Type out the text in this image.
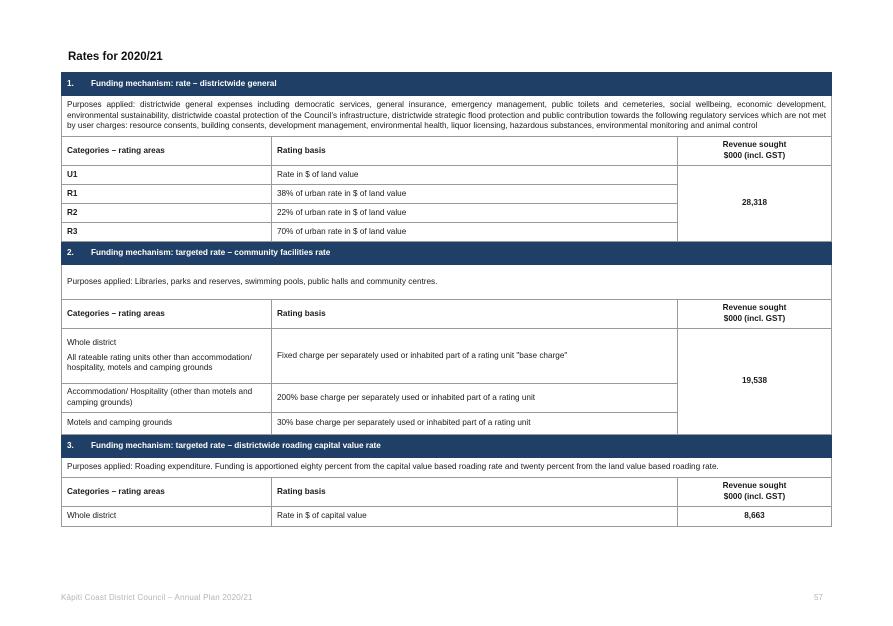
Rates for 2020/21
1. Funding mechanism: rate – districtwide general		
Purposes applied: districtwide general expenses including democratic services, general insurance, emergency management, public toilets and cemeteries, social wellbeing, economic development, environmental sustainability, districtwide coastal protection of the Council’s infrastructure, districtwide strategic flood protection and public contribution towards the following regulatory services which are not met by user charges: resource consents, building consents, development management, environmental health, liquor licensing, hazardous substances, environmental monitoring and animal control		
Categories – rating areas	Rating basis	Revenue sought
$000 (incl. GST)
U1	Rate in $ of land value	28,318
R1	38% of urban rate in $ of land value	
R2	22% of urban rate in $ of land value	
R3	70% of urban rate in $ of land value	
2. Funding mechanism: targeted rate – community facilities rate		
Purposes applied: Libraries, parks and reserves, swimming pools, public halls and community centres.		
Categories – rating areas	Rating basis	Revenue sought
$000 (incl. GST)
Whole district
All rateable rating units other than accommodation/ hospitality, motels and camping grounds	Fixed charge per separately used or inhabited part of a rating unit "base charge"	19,538
Accommodation/ Hospitality (other than motels and camping grounds)	200% base charge per separately used or inhabited part of a rating unit	
Motels and camping grounds	30% base charge per separately used or inhabited part of a rating unit	
3. Funding mechanism: targeted rate – districtwide roading capital value rate		
Purposes applied: Roading expenditure. Funding is apportioned eighty percent from the capital value based roading rate and twenty percent from the land value based roading rate.		
Categories – rating areas	Rating basis	Revenue sought
$000 (incl. GST)
Whole district	Rate in $ of capital value	8,663
Kāpiti Coast District Council – Annual Plan 2020/21	57
